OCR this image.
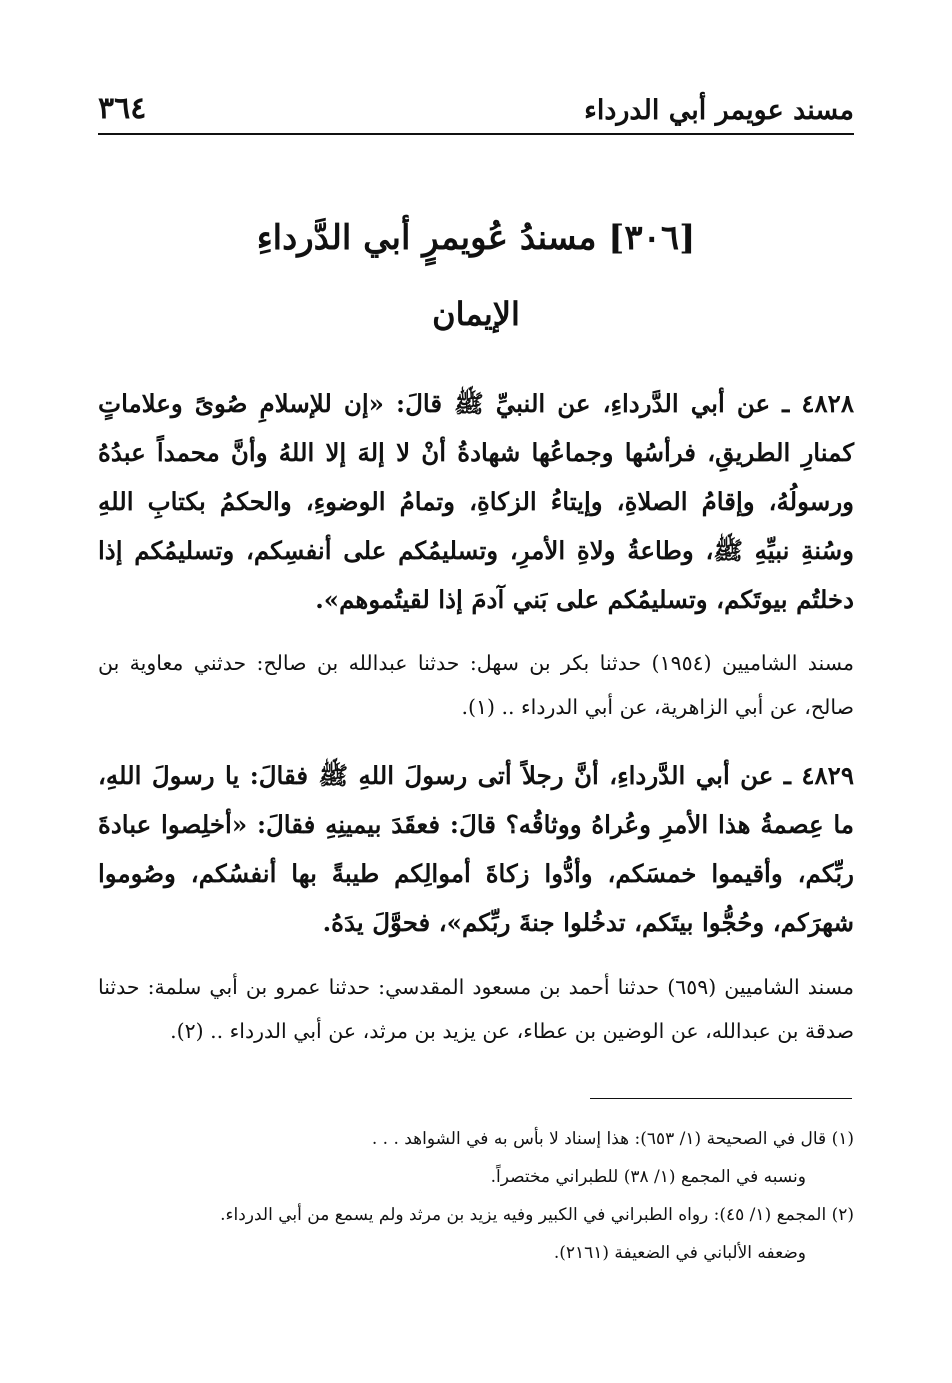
مسند عويمر أبي الدرداء
٣٦٤
[٣٠٦] مسندُ عُويمرٍ أبي الدَّرداءِ
الإيمان

٤٨٢٨ ـ عن أبي الدَّرداءِ، عن النبيِّ ﷺ قالَ: «إن للإسلامِ صُوىً وعلاماتٍ كمنارِ الطريقِ، فرأسُها وجماعُها شهادةُ أنْ لا إلهَ إلا اللهُ وأنَّ محمداً عبدُهُ ورسولُهُ، وإقامُ الصلاةِ، وإيتاءُ الزكاةِ، وتمامُ الوضوءِ، والحكمُ بكتابِ اللهِ وسُنةِ نبيِّهِ ﷺ، وطاعةُ ولاةِ الأمرِ، وتسليمُكم على أنفسِكم، وتسليمُكم إذا دخلتُم بيوتَكم، وتسليمُكم على بَني آدمَ إذا لقيتُموهم».

مسند الشاميين (١٩٥٤) حدثنا بكر بن سهل: حدثنا عبدالله بن صالح: حدثني معاوية بن صالح، عن أبي الزاهرية، عن أبي الدرداء .. (١).

٤٨٢٩ ـ عن أبي الدَّرداءِ، أنَّ رجلاً أتى رسولَ اللهِ ﷺ فقالَ: يا رسولَ اللهِ، ما عِصمةُ هذا الأمرِ وعُراهُ ووثاقُه؟ قالَ: فعقَدَ بيمينِهِ فقالَ: «أخلِصوا عبادةَ ربِّكم، وأقيموا خمسَكم، وأدُّوا زكاةَ أموالِكم طيبةً بها أنفسُكم، وصُوموا شهرَكم، وحُجُّوا بيتَكم، تدخُلوا جنةَ ربِّكم»، فحوَّلَ يدَهُ.

مسند الشاميين (٦٥٩) حدثنا أحمد بن مسعود المقدسي: حدثنا عمرو بن أبي سلمة: حدثنا صدقة بن عبدالله، عن الوضين بن عطاء، عن يزيد بن مرثد، عن أبي الدرداء .. (٢).

(١) قال في الصحيحة (١/ ٦٥٣): هذا إسناد لا بأس به في الشواهد . . .

ونسبه في المجمع (١/ ٣٨) للطبراني مختصراً.

(٢) المجمع (١/ ٤٥): رواه الطبراني في الكبير وفيه يزيد بن مرثد ولم يسمع من أبي الدرداء.

وضعفه الألباني في الضعيفة (٢١٦١).
